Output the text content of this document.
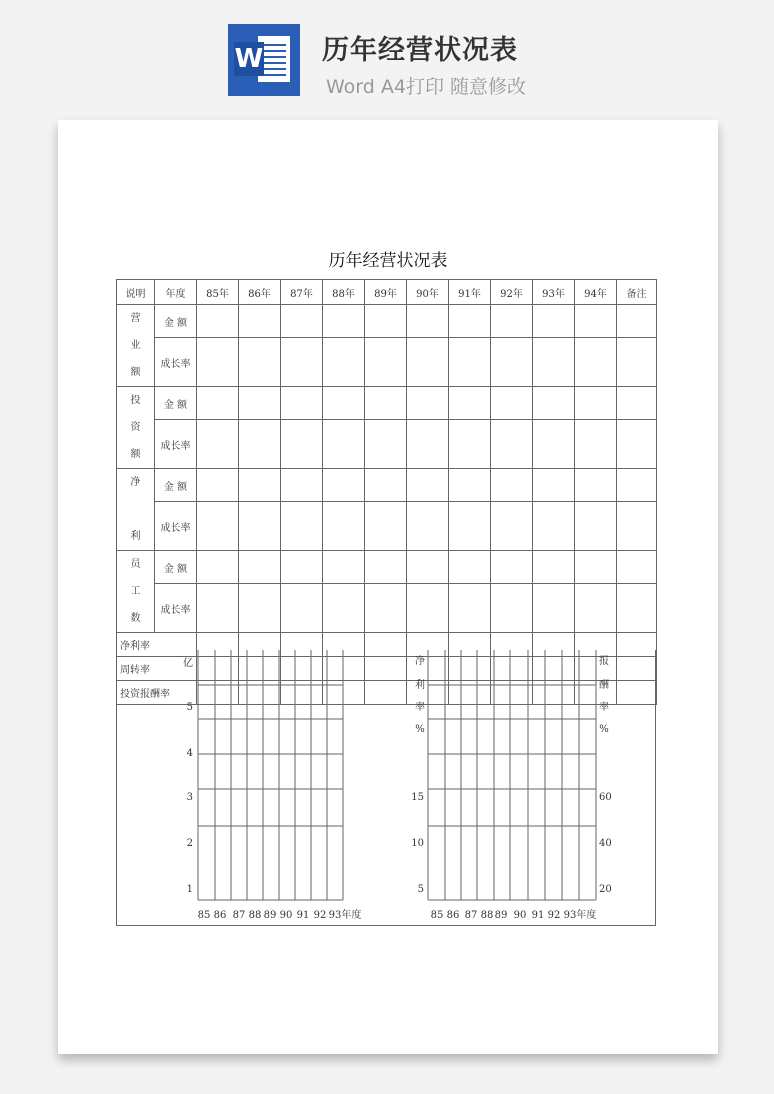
W 历年经营状况表
Word A4打印 随意修改
历年经营状况表
说明	年度	85年	86年	87年	88年	89年	90年	91年	92年	93年	94年	备注

营
业
额	金 额											
	成长率											

投
资
额	金 额											
	成长率											

净

利	金 额											
	成长率											

员
工
数	金 额											
	成长率											
净利率												
周转率												
投资报酬率												
亿
5
4
3
2
1
85 86 87 88 89 90 91 92 93年度
净
利
率
%
报
酬
率
%
15
10
5
60
40
20
85 86 87 88 89 90 91 92 93年度
